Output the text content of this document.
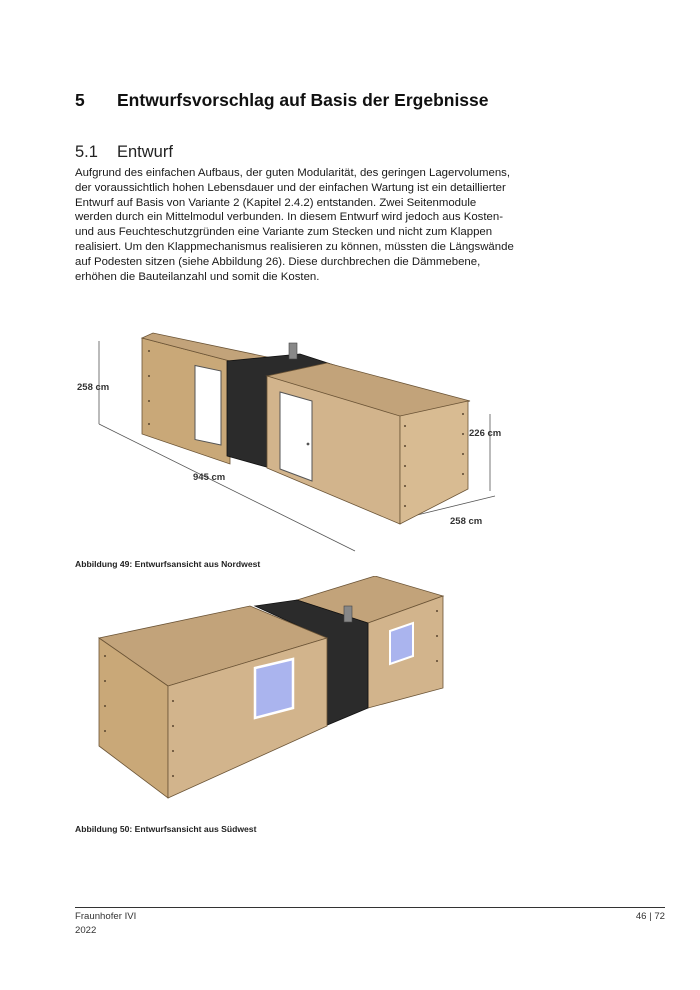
5 Entwurfsvorschlag auf Basis der Ergebnisse
5.1 Entwurf
Aufgrund des einfachen Aufbaus, der guten Modularität, des geringen Lagervolumens,
der voraussichtlich hohen Lebensdauer und der einfachen Wartung ist ein detaillierter
Entwurf auf Basis von Variante 2 (Kapitel 2.4.2) entstanden. Zwei Seitenmodule
werden durch ein Mittelmodul verbunden. In diesem Entwurf wird jedoch aus Kosten-
und aus Feuchteschutzgründen eine Variante zum Stecken und nicht zum Klappen
realisiert. Um den Klappmechanismus realisieren zu können, müssten die Längswände
auf Podesten sitzen (siehe Abbildung 26). Diese durchbrechen die Dämmebene,
erhöhen die Bauteilanzahl und somit die Kosten.
258 cm
945 cm
226 cm
258 cm
Abbildung 49: Entwurfsansicht aus Nordwest
Abbildung 50: Entwurfsansicht aus Südwest
Fraunhofer IVI
2022
46 | 72
